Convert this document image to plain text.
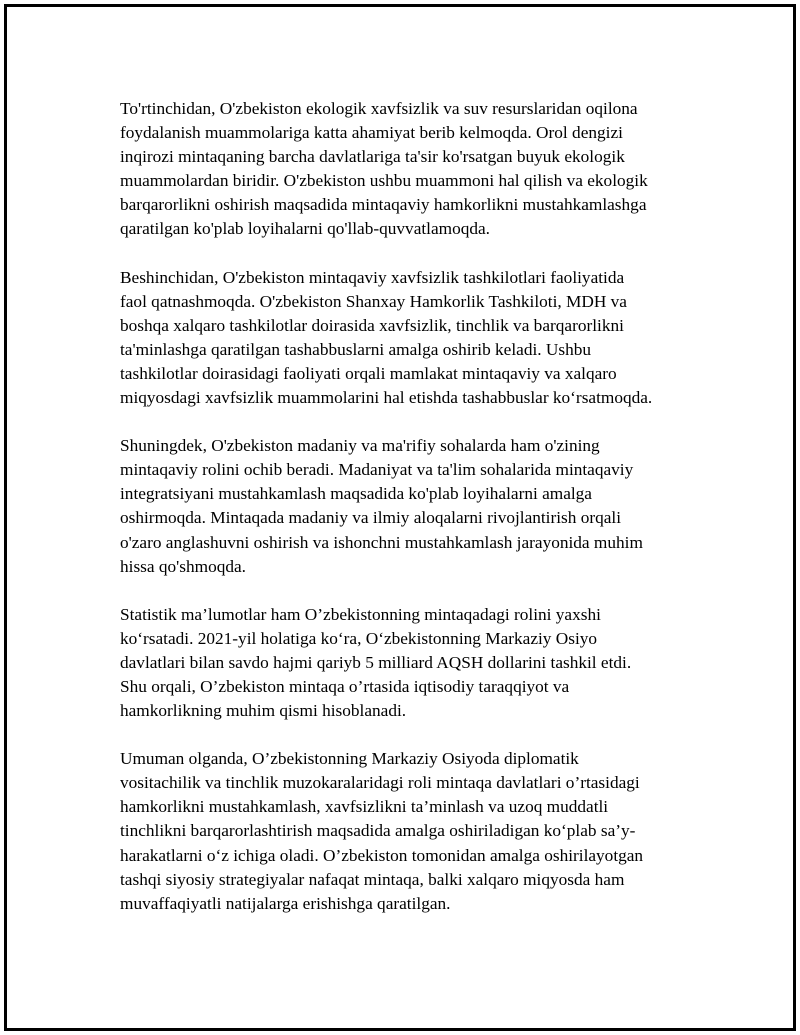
To'rtinchidan, O'zbekiston ekologik xavfsizlik va suv resurslaridan oqilona
foydalanish muammolariga katta ahamiyat berib kelmoqda. Orol dengizi
inqirozi mintaqaning barcha davlatlariga ta'sir ko'rsatgan buyuk ekologik
muammolardan biridir. O'zbekiston ushbu muammoni hal qilish va ekologik
barqarorlikni oshirish maqsadida mintaqaviy hamkorlikni mustahkamlashga
qaratilgan ko'plab loyihalarni qo'llab-quvvatlamoqda.

Beshinchidan, O'zbekiston mintaqaviy xavfsizlik tashkilotlari faoliyatida
faol qatnashmoqda. O'zbekiston Shanxay Hamkorlik Tashkiloti, MDH va
boshqa xalqaro tashkilotlar doirasida xavfsizlik, tinchlik va barqarorlikni
ta'minlashga qaratilgan tashabbuslarni amalga oshirib keladi. Ushbu
tashkilotlar doirasidagi faoliyati orqali mamlakat mintaqaviy va xalqaro
miqyosdagi xavfsizlik muammolarini hal etishda tashabbuslar ko‘rsatmoqda.

Shuningdek, O'zbekiston madaniy va ma'rifiy sohalarda ham o'zining
mintaqaviy rolini ochib beradi. Madaniyat va ta'lim sohalarida mintaqaviy
integratsiyani mustahkamlash maqsadida ko'plab loyihalarni amalga
oshirmoqda. Mintaqada madaniy va ilmiy aloqalarni rivojlantirish orqali
o'zaro anglashuvni oshirish va ishonchni mustahkamlash jarayonida muhim
hissa qo'shmoqda.

Statistik ma’lumotlar ham O’zbekistonning mintaqadagi rolini yaxshi
ko‘rsatadi. 2021-yil holatiga ko‘ra, O‘zbekistonning Markaziy Osiyo
davlatlari bilan savdo hajmi qariyb 5 milliard AQSH dollarini tashkil etdi.
Shu orqali, O’zbekiston mintaqa o’rtasida iqtisodiy taraqqiyot va
hamkorlikning muhim qismi hisoblanadi.

Umuman olganda, O’zbekistonning Markaziy Osiyoda diplomatik
vositachilik va tinchlik muzokaralaridagi roli mintaqa davlatlari o’rtasidagi
hamkorlikni mustahkamlash, xavfsizlikni ta’minlash va uzoq muddatli
tinchlikni barqarorlashtirish maqsadida amalga oshiriladigan ko‘plab sa’y-
harakatlarni o‘z ichiga oladi. O’zbekiston tomonidan amalga oshirilayotgan
tashqi siyosiy strategiyalar nafaqat mintaqa, balki xalqaro miqyosda ham
muvaffaqiyatli natijalarga erishishga qaratilgan.
